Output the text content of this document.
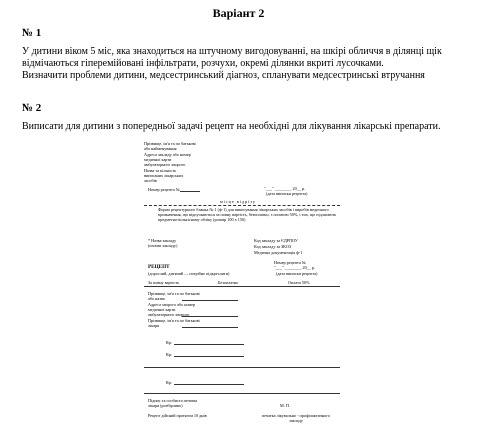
Варіант 2
№ 1
У дитини віком 5 міс, яка знаходиться на штучному вигодовуванні, на шкірі обличчя в ділянці щік
відмічаються гіперемійовані інфільтрати, розчухи, окремі ділянки вкриті лусочками.
Визначити проблеми дитини, медсестринський діагноз, спланувати медсестринські втручання
№ 2
Виписати для дитини з попередньої задачі рецепт на необхідні для лікування лікарські препарати.
Прізвище, ім'я та по батькові
або найменування
Адреса закладу або номер
медичної карти
амбулаторного хворого
Назва та кількість
виписаних лікарських
засобів
Номер рецепта №	"___" ________ 20__ р.
(дата виписки рецепта)
місце відрізу
Форма рецептурного бланка № 1 (ф-1) для виписування лікарських засобів і виробів медичного призначення, що відпускаються за повну вартість, безоплатно, з оплатою 50%, і тих, що підлягають предметно-кількісному обліку (розмір 100 х 150)
* Назва закладу
(штамп закладу)
Код закладу за ЄДРПОУ
Код закладу за ЗКОЗ
Медична документація ф-1
Номер рецепта №
РЕЦЕПТ	"___" ________ 20__ р.
(дорослий, дитячий — потрібне підкреслити)	(дата виписки рецепта)
За повну вартість	Безоплатно	Оплата 50%
Прізвище, ім'я та по батькові
або назва
Адреса хворого або номер
медичної карти
амбулаторного хворого
Прізвище, ім'я та по батькові
лікаря
Rp:
Rp:
Rp:
Підпис та особиста печатка
лікаря (розбірливо)	М. П.
Рецепт дійсний протягом 10 днів	печатка лікувально - профілактичного закладу
